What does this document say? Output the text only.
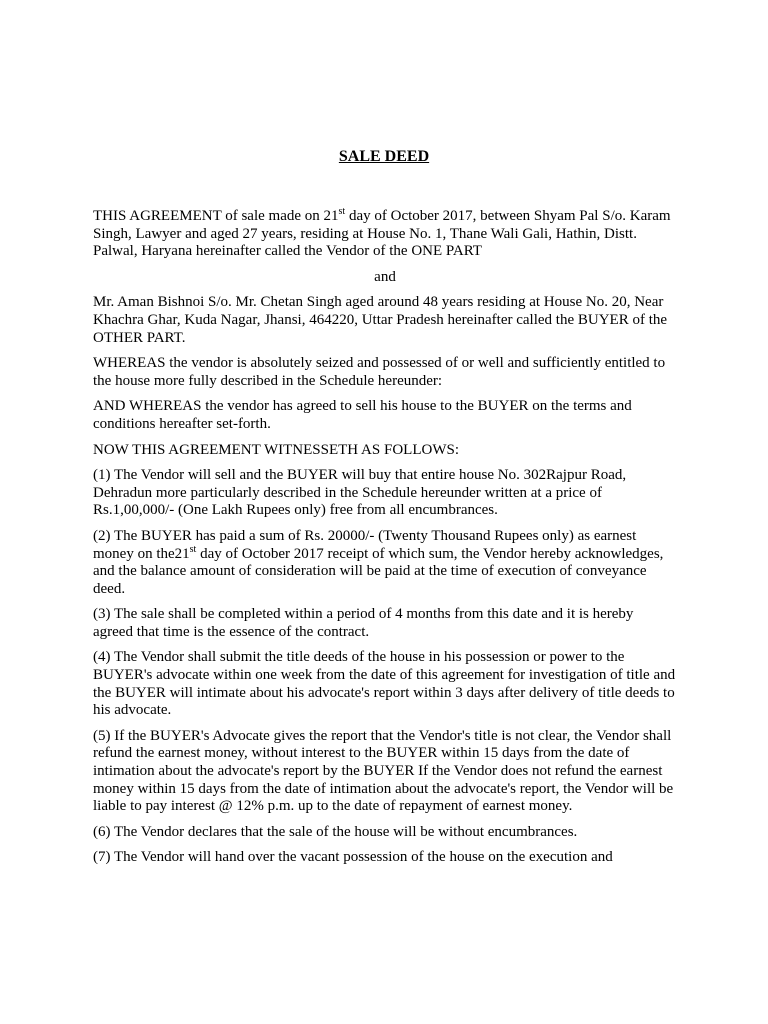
SALE DEED

THIS AGREEMENT of sale made on 21st day of October 2017, between Shyam Pal S/o. Karam Singh, Lawyer and aged 27 years, residing at House No. 1, Thane Wali Gali, Hathin, Distt. Palwal, Haryana hereinafter called the Vendor of the ONE PART

and

Mr. Aman Bishnoi S/o. Mr. Chetan Singh aged around 48 years residing at House No. 20, Near Khachra Ghar, Kuda Nagar, Jhansi, 464220, Uttar Pradesh hereinafter called the BUYER of the OTHER PART.

WHEREAS the vendor is absolutely seized and possessed of or well and sufficiently entitled to the house more fully described in the Schedule hereunder:

AND WHEREAS the vendor has agreed to sell his house to the BUYER on the terms and conditions hereafter set-forth.

NOW THIS AGREEMENT WITNESSETH AS FOLLOWS:

(1) The Vendor will sell and the BUYER will buy that entire house No. 302Rajpur Road, Dehradun more particularly described in the Schedule hereunder written at a price of Rs.1,00,000/- (One Lakh Rupees only) free from all encumbrances.

(2) The BUYER has paid a sum of Rs. 20000/- (Twenty Thousand Rupees only) as earnest money on the21st day of October 2017 receipt of which sum, the Vendor hereby acknowledges, and the balance amount of consideration will be paid at the time of execution of conveyance deed.

(3) The sale shall be completed within a period of 4 months from this date and it is hereby agreed that time is the essence of the contract.

(4) The Vendor shall submit the title deeds of the house in his possession or power to the BUYER's advocate within one week from the date of this agreement for investigation of title and the BUYER will intimate about his advocate's report within 3 days after delivery of title deeds to his advocate.

(5) If the BUYER's Advocate gives the report that the Vendor's title is not clear, the Vendor shall refund the earnest money, without interest to the BUYER within 15 days from the date of intimation about the advocate's report by the BUYER If the Vendor does not refund the earnest money within 15 days from the date of intimation about the advocate's report, the Vendor will be liable to pay interest @ 12% p.m. up to the date of repayment of earnest money.

(6) The Vendor declares that the sale of the house will be without encumbrances.

(7) The Vendor will hand over the vacant possession of the house on the execution and
